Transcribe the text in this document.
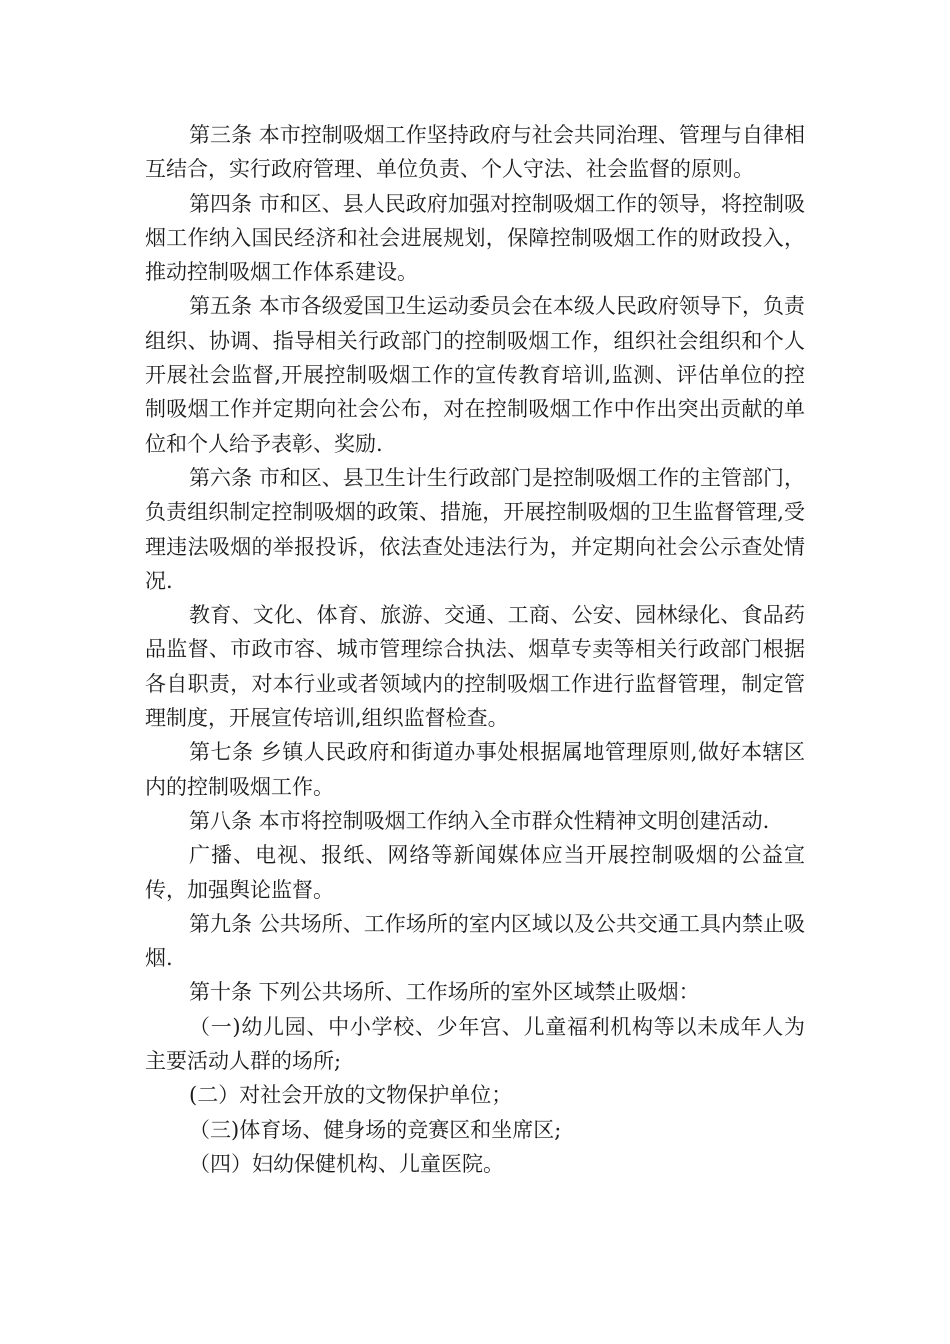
第三条 本市控制吸烟工作坚持政府与社会共同治理、管理与自律相互结合，实行政府管理、单位负责、个人守法、社会监督的原则。

第四条 市和区、县人民政府加强对控制吸烟工作的领导，将控制吸烟工作纳入国民经济和社会进展规划，保障控制吸烟工作的财政投入，推动控制吸烟工作体系建设。

第五条 本市各级爱国卫生运动委员会在本级人民政府领导下，负责组织、协调、指导相关行政部门的控制吸烟工作，组织社会组织和个人开展社会监督,开展控制吸烟工作的宣传教育培训,监测、评估单位的控制吸烟工作并定期向社会公布，对在控制吸烟工作中作出突出贡献的单位和个人给予表彰、奖励.

第六条 市和区、县卫生计生行政部门是控制吸烟工作的主管部门，负责组织制定控制吸烟的政策、措施，开展控制吸烟的卫生监督管理,受理违法吸烟的举报投诉，依法查处违法行为，并定期向社会公示查处情况.

教育、文化、体育、旅游、交通、工商、公安、园林绿化、食品药品监督、市政市容、城市管理综合执法、烟草专卖等相关行政部门根据各自职责，对本行业或者领域内的控制吸烟工作进行监督管理，制定管理制度，开展宣传培训,组织监督检查。

第七条 乡镇人民政府和街道办事处根据属地管理原则,做好本辖区内的控制吸烟工作。

第八条 本市将控制吸烟工作纳入全市群众性精神文明创建活动.

广播、电视、报纸、网络等新闻媒体应当开展控制吸烟的公益宣传，加强舆论监督。

第九条 公共场所、工作场所的室内区域以及公共交通工具内禁止吸烟.

第十条 下列公共场所、工作场所的室外区域禁止吸烟：

（一)幼儿园、中小学校、少年宫、儿童福利机构等以未成年人为主要活动人群的场所;

(二）对社会开放的文物保护单位；

（三)体育场、健身场的竞赛区和坐席区;

（四）妇幼保健机构、儿童医院。
